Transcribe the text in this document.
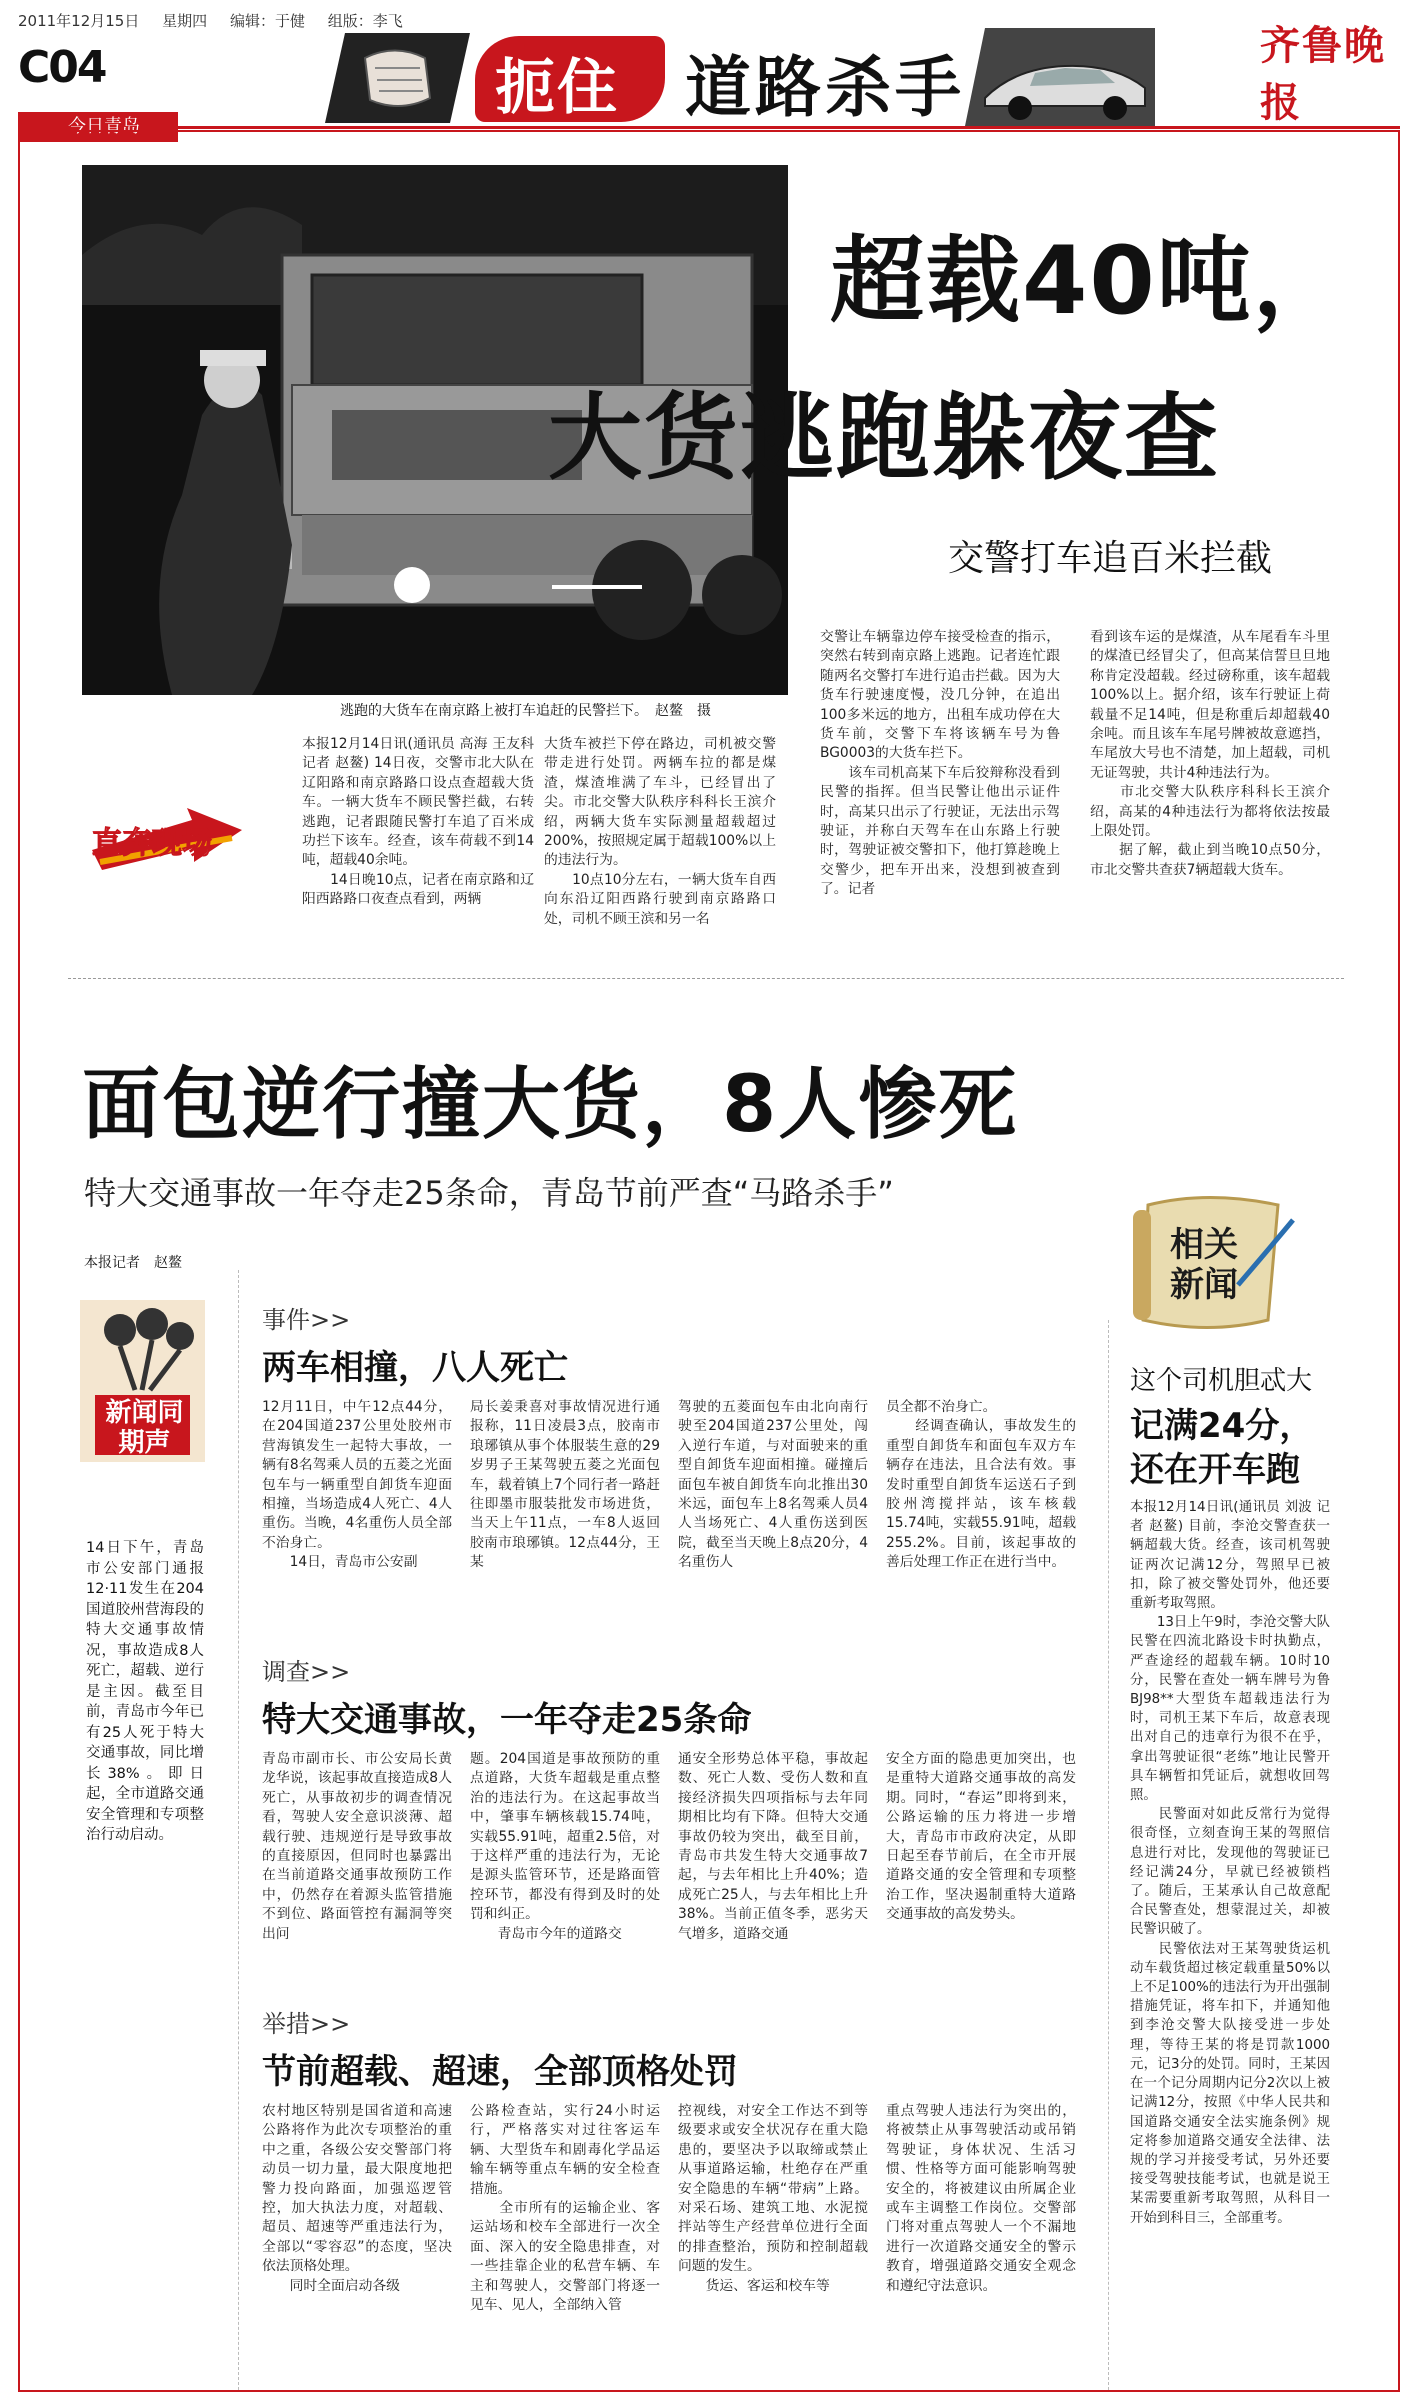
2011年12月15日 星期四 编辑：于健 组版：李飞
C04
今日青岛
扼住 道路杀手
齐鲁晚报
逃跑的大货车在南京路上被打车追赶的民警拦下。　赵鳌　摄
超载40吨，
大货逃跑躲夜查
交警打车追百米拦截
直奔现场
本报12月14日讯(通讯员 高海 王友科 记者 赵鳌) 14日夜，交警市北大队在辽阳路和南京路路口设点查超载大货车。一辆大货车不顾民警拦截，右转逃跑，记者跟随民警打车追了百米成功拦下该车。经查，该车荷载不到14吨，超载40余吨。
　　14日晚10点，记者在南京路和辽阳西路路口夜查点看到，两辆
大货车被拦下停在路边，司机被交警带走进行处罚。两辆车拉的都是煤渣，煤渣堆满了车斗，已经冒出了尖。市北交警大队秩序科科长王滨介绍，两辆大货车实际测量超载超过200%，按照规定属于超载100%以上的违法行为。
　　10点10分左右，一辆大货车自西向东沿辽阳西路行驶到南京路路口处，司机不顾王滨和另一名
交警让车辆靠边停车接受检查的指示，突然右转到南京路上逃跑。记者连忙跟随两名交警打车进行追击拦截。因为大货车行驶速度慢，没几分钟，在追出100多米远的地方，出租车成功停在大货车前，交警下车将该辆车号为鲁BG0003的大货车拦下。
　　该车司机高某下车后狡辩称没看到民警的指挥。但当民警让他出示证件时，高某只出示了行驶证，无法出示驾驶证，并称白天驾车在山东路上行驶时，驾驶证被交警扣下，他打算趁晚上交警少，把车开出来，没想到被查到了。记者
看到该车运的是煤渣，从车尾看车斗里的煤渣已经冒尖了，但高某信誓旦旦地称肯定没超载。经过磅称重，该车超载100%以上。据介绍，该车行驶证上荷载量不足14吨，但是称重后却超载40余吨。而且该车车尾号牌被故意遮挡，车尾放大号也不清楚，加上超载，司机无证驾驶，共计4种违法行为。
　　市北交警大队秩序科科长王滨介绍，高某的4种违法行为都将依法按最上限处罚。
　　据了解，截止到当晚10点50分，市北交警共查获7辆超载大货车。
面包逆行撞大货，8人惨死
特大交通事故一年夺走25条命，青岛节前严查“马路杀手”
本报记者　赵鳌	相关新闻
新闻同期声
14日下午，青岛市公安部门通报12·11发生在204国道胶州营海段的特大交通事故情况，事故造成8人死亡，超载、逆行是主因。截至目前，青岛市今年已有25人死于特大交通事故，同比增长38%。即日起，全市道路交通安全管理和专项整治行动启动。
事件>>
两车相撞，八人死亡
12月11日，中午12点44分，在204国道237公里处胶州市营海镇发生一起特大事故，一辆有8名驾乘人员的五菱之光面包车与一辆重型自卸货车迎面相撞，当场造成4人死亡、4人重伤。当晚，4名重伤人员全部不治身亡。
　　14日，青岛市公安副
局长姜秉喜对事故情况进行通报称，11日凌晨3点，胶南市琅琊镇从事个体服装生意的29岁男子王某驾驶五菱之光面包车，载着镇上7个同行者一路赶往即墨市服装批发市场进货，当天上午11点，一车8人返回胶南市琅琊镇。12点44分，王某
驾驶的五菱面包车由北向南行驶至204国道237公里处，闯入逆行车道，与对面驶来的重型自卸货车迎面相撞。碰撞后面包车被自卸货车向北推出30米远，面包车上8名驾乘人员4人当场死亡、4人重伤送到医院，截至当天晚上8点20分，4名重伤人
员全都不治身亡。
　　经调查确认，事故发生的重型自卸货车和面包车双方车辆存在违法，且合法有效。事发时重型自卸货车运送石子到胶州湾搅拌站，该车核载15.74吨，实载55.91吨，超载255.2%。目前，该起事故的善后处理工作正在进行当中。
调查>>
特大交通事故，一年夺走25条命
青岛市副市长、市公安局长黄龙华说，该起事故直接造成8人死亡，从事故初步的调查情况看，驾驶人安全意识淡薄、超载行驶、违规逆行是导致事故的直接原因，但同时也暴露出在当前道路交通事故预防工作中，仍然存在着源头监管措施不到位、路面管控有漏洞等突出问
题。204国道是事故预防的重点道路，大货车超载是重点整治的违法行为。在这起事故当中，肇事车辆核载15.74吨，实载55.91吨，超重2.5倍，对于这样严重的违法行为，无论是源头监管环节，还是路面管控环节，都没有得到及时的处罚和纠正。
　　青岛市今年的道路交
通安全形势总体平稳，事故起数、死亡人数、受伤人数和直接经济损失四项指标与去年同期相比均有下降。但特大交通事故仍较为突出，截至目前，青岛市共发生特大交通事故7起，与去年相比上升40%；造成死亡25人，与去年相比上升38%。当前正值冬季，恶劣天气增多，道路交通
安全方面的隐患更加突出，也是重特大道路交通事故的高发期。同时，“春运”即将到来，公路运输的压力将进一步增大，青岛市市政府决定，从即日起至春节前后，在全市开展道路交通的安全管理和专项整治工作，坚决遏制重特大道路交通事故的高发势头。
举措>>
节前超载、超速，全部顶格处罚
农村地区特别是国省道和高速公路将作为此次专项整治的重中之重，各级公安交警部门将动员一切力量，最大限度地把警力投向路面，加强巡逻管控，加大执法力度，对超载、超员、超速等严重违法行为，全部以“零容忍”的态度，坚决依法顶格处理。
　　同时全面启动各级
公路检查站，实行24小时运行，严格落实对过往客运车辆、大型货车和剧毒化学品运输车辆等重点车辆的安全检查措施。
　　全市所有的运输企业、客运站场和校车全部进行一次全面、深入的安全隐患排查，对一些挂靠企业的私营车辆、车主和驾驶人，交警部门将逐一见车、见人，全部纳入管
控视线，对安全工作达不到等级要求或安全状况存在重大隐患的，要坚决予以取缔或禁止从事道路运输，杜绝存在严重安全隐患的车辆“带病”上路。对采石场、建筑工地、水泥搅拌站等生产经营单位进行全面的排查整治，预防和控制超载问题的发生。
　　货运、客运和校车等
重点驾驶人违法行为突出的，将被禁止从事驾驶活动或吊销驾驶证，身体状况、生活习惯、性格等方面可能影响驾驶安全的，将被建议由所属企业或车主调整工作岗位。交警部门将对重点驾驶人一个不漏地进行一次道路交通安全的警示教育，增强道路交通安全观念和遵纪守法意识。
这个司机胆忒大
记满24分，
还在开车跑
本报12月14日讯(通讯员 刘波 记者 赵鳌) 目前，李沧交警查获一辆超载大货。经查，该司机驾驶证两次记满12分，驾照早已被扣，除了被交警处罚外，他还要重新考取驾照。
　　13日上午9时，李沧交警大队民警在四流北路设卡时执勤点，严查途经的超载车辆。10时10分，民警在查处一辆车牌号为鲁BJ98**大型货车超载违法行为时，司机王某下车后，故意表现出对自己的违章行为很不在乎，拿出驾驶证很“老练”地让民警开具车辆暂扣凭证后，就想收回驾照。
　　民警面对如此反常行为觉得很奇怪，立刻查询王某的驾照信息进行对比，发现他的驾驶证已经记满24分，早就已经被锁档了。随后，王某承认自己故意配合民警查处，想蒙混过关，却被民警识破了。
　　民警依法对王某驾驶货运机动车载货超过核定载重量50%以上不足100%的违法行为开出强制措施凭证，将车扣下，并通知他到李沧交警大队接受进一步处理，等待王某的将是罚款1000元，记3分的处罚。同时，王某因在一个记分周期内记分2次以上被记满12分，按照《中华人民共和国道路交通安全法实施条例》规定将参加道路交通安全法律、法规的学习并接受考试，另外还要接受驾驶技能考试，也就是说王某需要重新考取驾照，从科目一开始到科目三，全部重考。
